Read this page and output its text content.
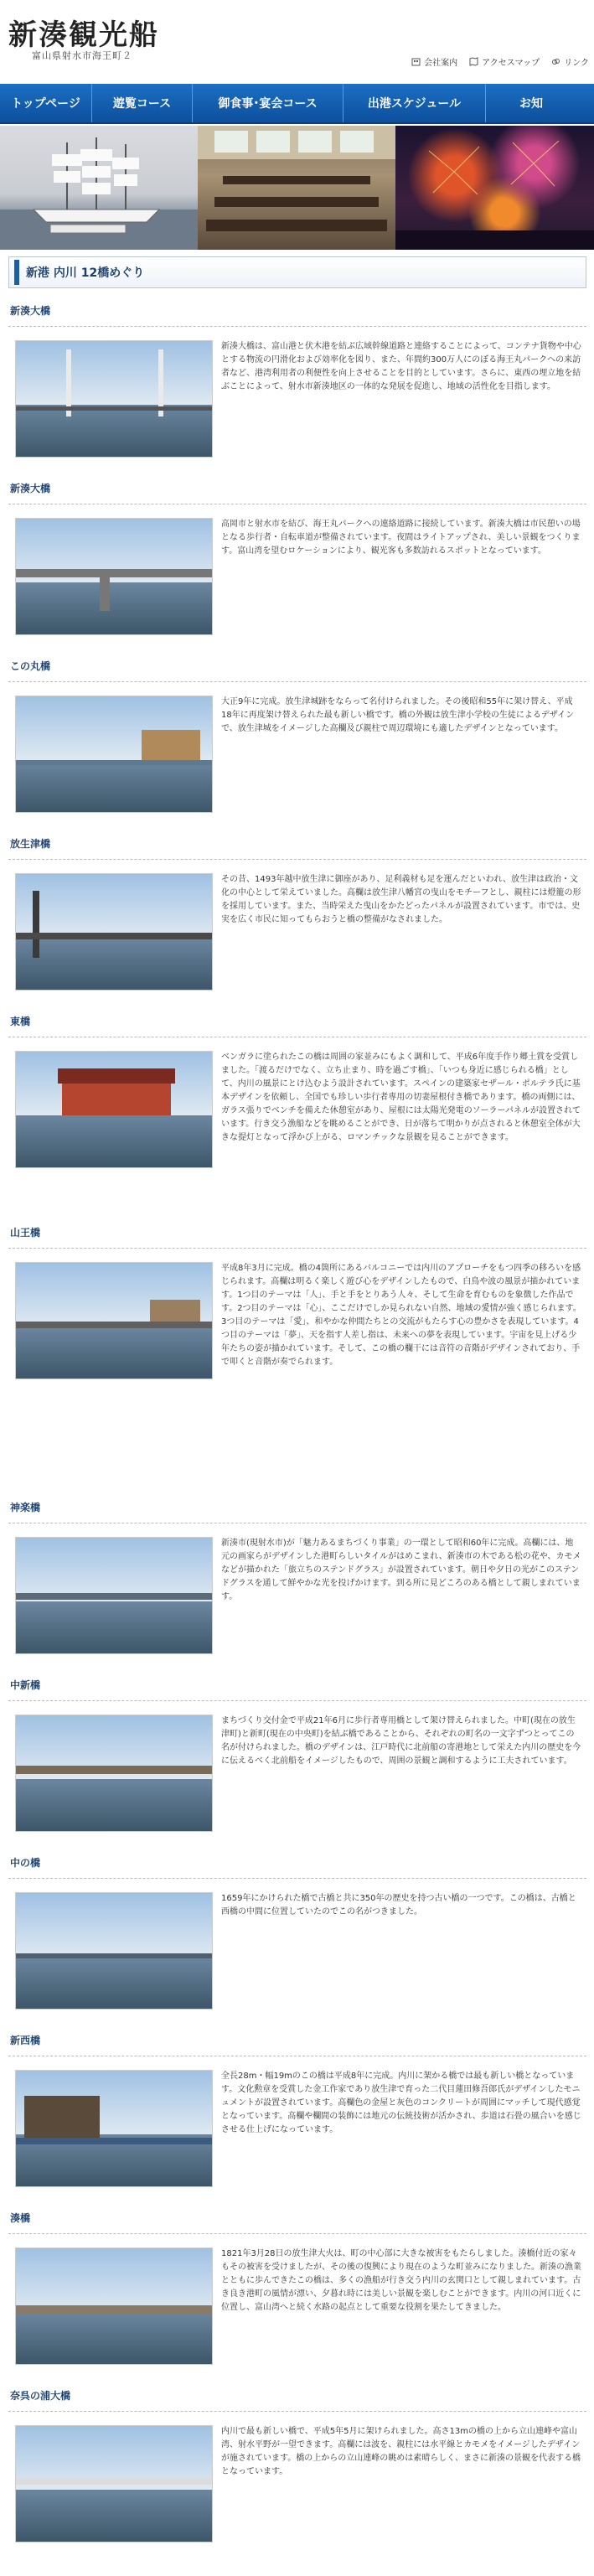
新湊観光船
富山県射水市海王町２
会社案内	アクセスマップ	リンク
トップページ	遊覧コース	御食事･宴会コース	出港スケジュール	お知
新港 内川 12橋めぐり
新湊大橋
新湊大橋は、富山港と伏木港を結ぶ広域幹線道路と連絡することによって、コンテナ貨物や中心とする物流の円滑化および効率化を図り、また、年間約300万人にのぼる海王丸パークへの来訪者など、港湾利用者の利便性を向上させることを目的としています。さらに、東西の埋立地を結ぶことによって、射水市新湊地区の一体的な発展を促進し、地域の活性化を目指します。
新湊大橋
高岡市と射水市を結び、海王丸パークへの連絡道路に接続しています。新湊大橋は市民憩いの場となる歩行者・自転車道が整備されています。夜間はライトアップされ、美しい景観をつくります。富山湾を望むロケーションにより、観光客も多数訪れるスポットとなっています。
この丸橋
大正9年に完成。放生津城跡をならって名付けられました。その後昭和55年に架け替え、平成18年に再度架け替えられた最も新しい橋です。橋の外観は放生津小学校の生徒によるデザインで、放生津城をイメージした高欄及び親柱で周辺環境にも適したデザインとなっています。
放生津橋
その昔、1493年越中放生津に御座があり、足利義材も足を運んだといわれ、放生津は政治・文化の中心として栄えていました。高欄は放生津八幡宮の曳山をモチーフとし、親柱には燈籠の形を採用しています。また、当時栄えた曳山をかたどったパネルが設置されています。市では、史実を広く市民に知ってもらおうと橋の整備がなされました。
東橋
ベンガラに塗られたこの橋は周囲の家並みにもよく調和して、平成6年度手作り郷土賞を受賞しました。「渡るだけでなく、立ち止まり、時を過ごす橋」、「いつも身近に感じられる橋」として、内川の風景にとけ込むよう設計されています。スペインの建築家セザール・ポルテラ氏に基本デザインを依頼し、全国でも珍しい歩行者専用の切妻屋根付き橋であります。橋の両側には、ガラス張りでベンチを備えた休憩室があり、屋根には太陽光発電のソーラーパネルが設置されています。行き交う漁船などを眺めることができ、日が落ちて明かりが点されると休憩室全体が大きな提灯となって浮かび上がる、ロマンチックな景観を見ることができます。
山王橋
平成8年3月に完成。橋の4箇所にあるバルコニーでは内川のアプローチをもつ四季の移ろいを感じられます。高欄は明るく楽しく遊び心をデザインしたもので、白鳥や波の風景が描かれています。1つ目のテーマは「人」、手と手をとりあう人々、そして生命を育むものを象徴した作品です。2つ目のテーマは「心」、ここだけでしか見られない自然、地域の愛情が強く感じられます。3つ目のテーマは「愛」、和やかな仲間たちとの交流がもたらす心の豊かさを表現しています。4つ目のテーマは「夢」、天を指す人差し指は、未来への夢を表現しています。宇宙を見上げる少年たちの姿が描かれています。そして、この橋の欄干には音符の音階がデザインされており、手で叩くと音階が奏でられます。
神楽橋
新湊市(現射水市)が「魅力あるまちづくり事業」の一環として昭和60年に完成。高欄には、地元の画家らがデザインした港町らしいタイルがはめこまれ、新湊市の木である松の花や、カモメなどが描かれた「旅立ちのステンドグラス」が設置されています。朝日や夕日の光がこのステンドグラスを通して鮮やかな光を投げかけます。到る所に見どころのある橋として親しまれています。
中新橋
まちづくり交付金で平成21年6月に歩行者専用橋として架け替えられました。中町(現在の放生津町)と新町(現在の中央町)を結ぶ橋であることから、それぞれの町名の一文字ずつとってこの名が付けられました。橋のデザインは、江戸時代に北前船の寄港地として栄えた内川の歴史を今に伝えるべく北前船をイメージしたもので、周囲の景観と調和するように工夫されています。
中の橋
1659年にかけられた橋で古橋と共に350年の歴史を持つ古い橋の一つです。この橋は、古橋と西橋の中間に位置していたのでこの名がつきました。
新西橋
全長28m・幅19mのこの橋は平成8年に完成。内川に架かる橋では最も新しい橋となっています。文化勲章を受賞した金工作家であり放生津で育った二代目蓮田修吾郎氏がデザインしたモニュメントが設置されています。高欄色の金屋と灰色のコンクリートが周囲にマッチして現代感覚となっています。高欄や欄間の装飾には地元の伝統技術が活かされ、歩道は石畳の風合いを感じさせる仕上げになっています。
湊橋
1821年3月28日の放生津大火は、町の中心部に大きな被害をもたらしました。湊橋付近の家々もその被害を受けましたが、その後の復興により現在のような町並みになりました。新湊の漁業とともに歩んできたこの橋は、多くの漁船が行き交う内川の玄関口として親しまれています。古き良き港町の風情が漂い、夕暮れ時には美しい景観を楽しむことができます。内川の河口近くに位置し、富山湾へと続く水路の起点として重要な役割を果たしてきました。
奈呉の浦大橋
内川で最も新しい橋で、平成5年5月に架けられました。高さ13mの橋の上から立山連峰や富山湾、射水平野が一望できます。高欄には波を、親柱には水平線とカモメをイメージしたデザインが施されています。橋の上からの立山連峰の眺めは素晴らしく、まさに新湊の景観を代表する橋となっています。
